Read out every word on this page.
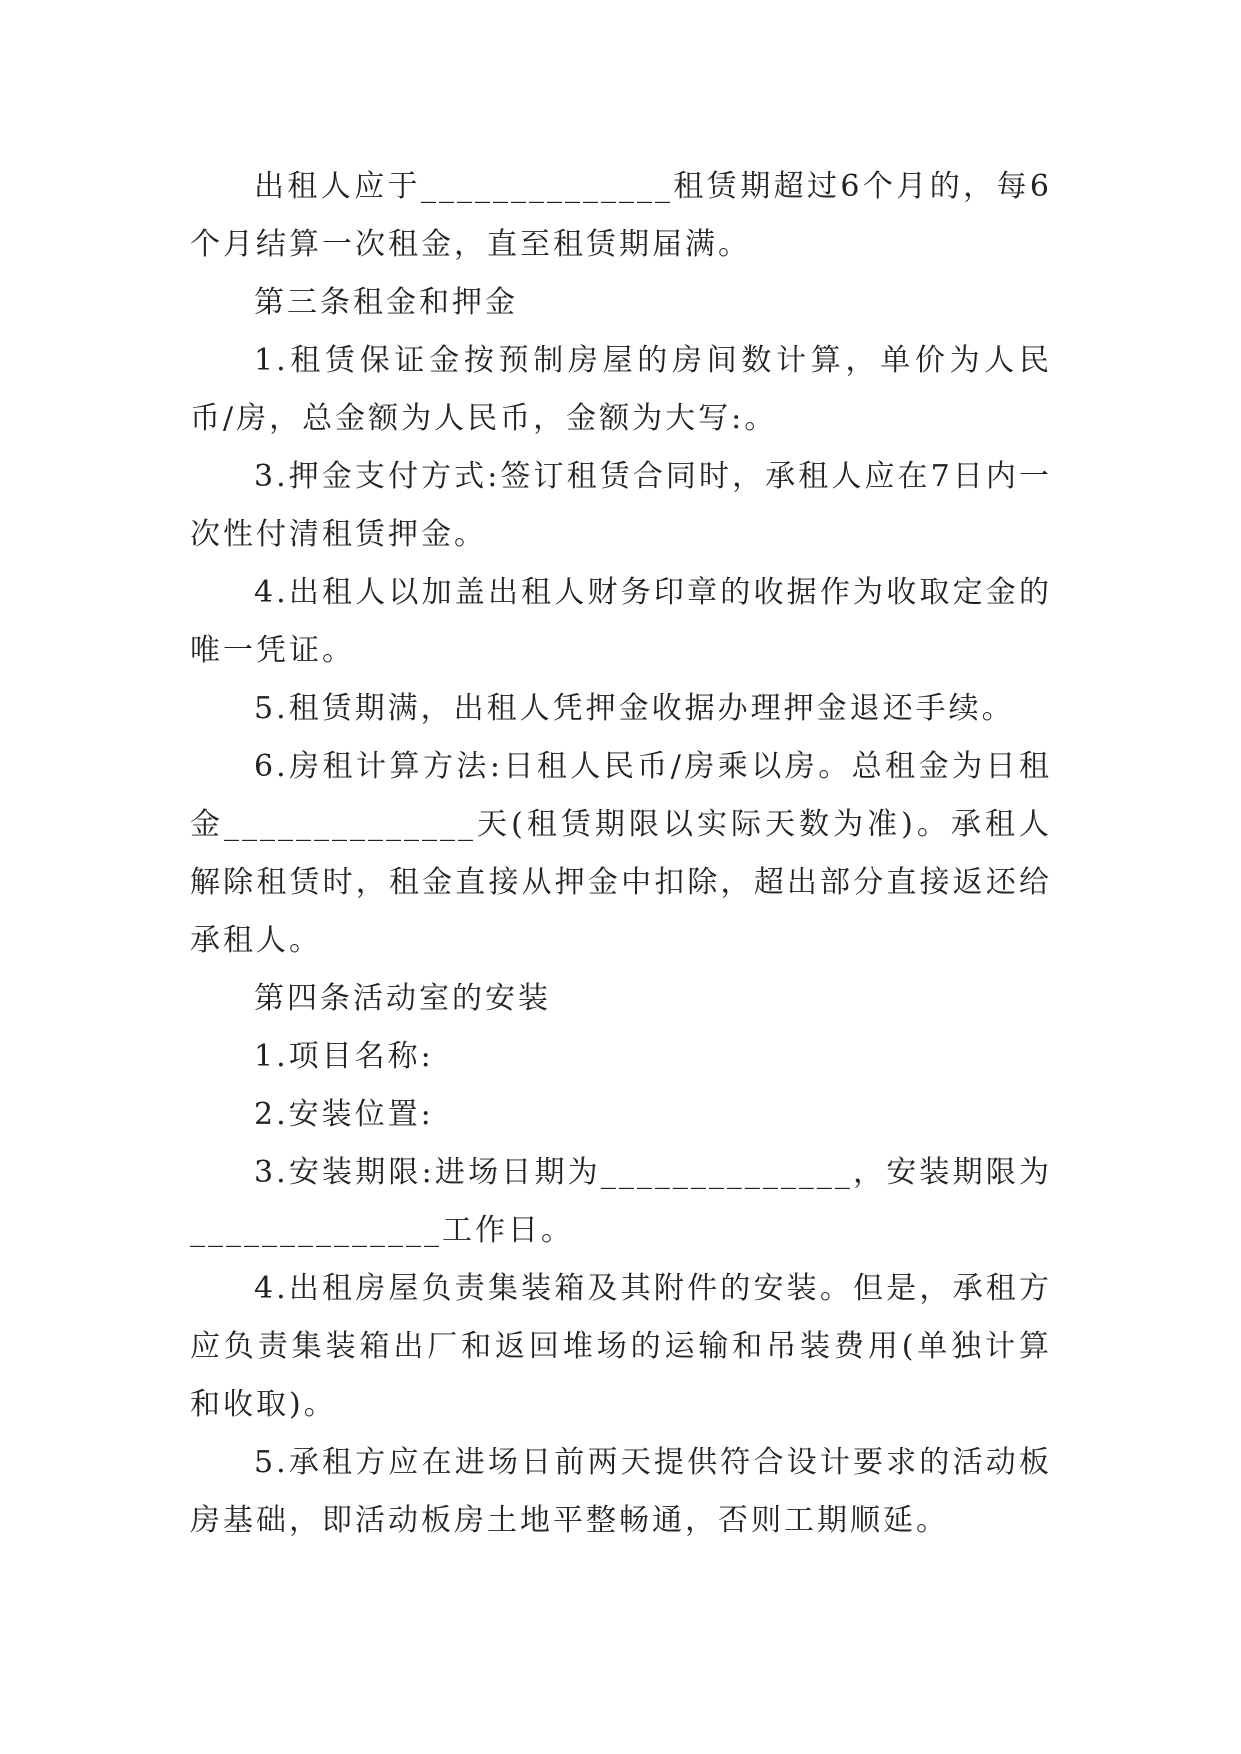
出租人应于______________租赁期超过6个月的，每6个月结算一次租金，直至租赁期届满。

第三条租金和押金

1.租赁保证金按预制房屋的房间数计算，单价为人民币/房，总金额为人民币，金额为大写:。

3.押金支付方式:签订租赁合同时，承租人应在7日内一次性付清租赁押金。

4.出租人以加盖出租人财务印章的收据作为收取定金的唯一凭证。

5.租赁期满，出租人凭押金收据办理押金退还手续。

6.房租计算方法:日租人民币/房乘以房。总租金为日租金______________天(租赁期限以实际天数为准)。承租人解除租赁时，租金直接从押金中扣除，超出部分直接返还给承租人。

第四条活动室的安装

1.项目名称:

2.安装位置:

3.安装期限:进场日期为______________，安装期限为______________工作日。

4.出租房屋负责集装箱及其附件的安装。但是，承租方应负责集装箱出厂和返回堆场的运输和吊装费用(单独计算和收取)。

5.承租方应在进场日前两天提供符合设计要求的活动板房基础，即活动板房土地平整畅通，否则工期顺延。
